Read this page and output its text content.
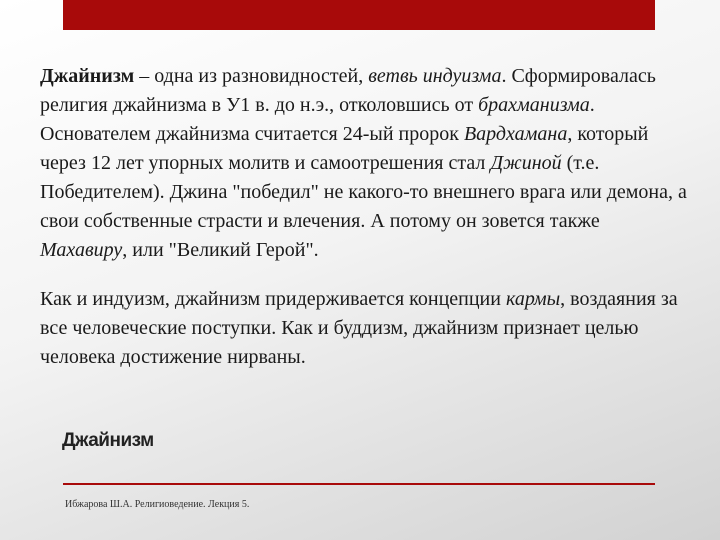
Джайнизм – одна из разновидностей, ветвь индуизма. Сформировалась религия джайнизма в У1 в. до н.э., отколовшись от брахманизма. Основателем джайнизма считается 24-ый пророк Вардхамана, который через 12 лет упорных молитв и самоотрешения стал Джиной (т.е. Победителем). Джина "победил" не какого-то внешнего врага или демона, а свои собственные страсти и влечения. А потому он зовется также Махавиру, или "Великий Герой".

Как и индуизм, джайнизм придерживается концепции кармы, воздаяния за все человеческие поступки. Как и буддизм, джайнизм признает целью человека достижение нирваны.

Джайнизм
Ибжарова Ш.А. Религиоведение. Лекция 5.
